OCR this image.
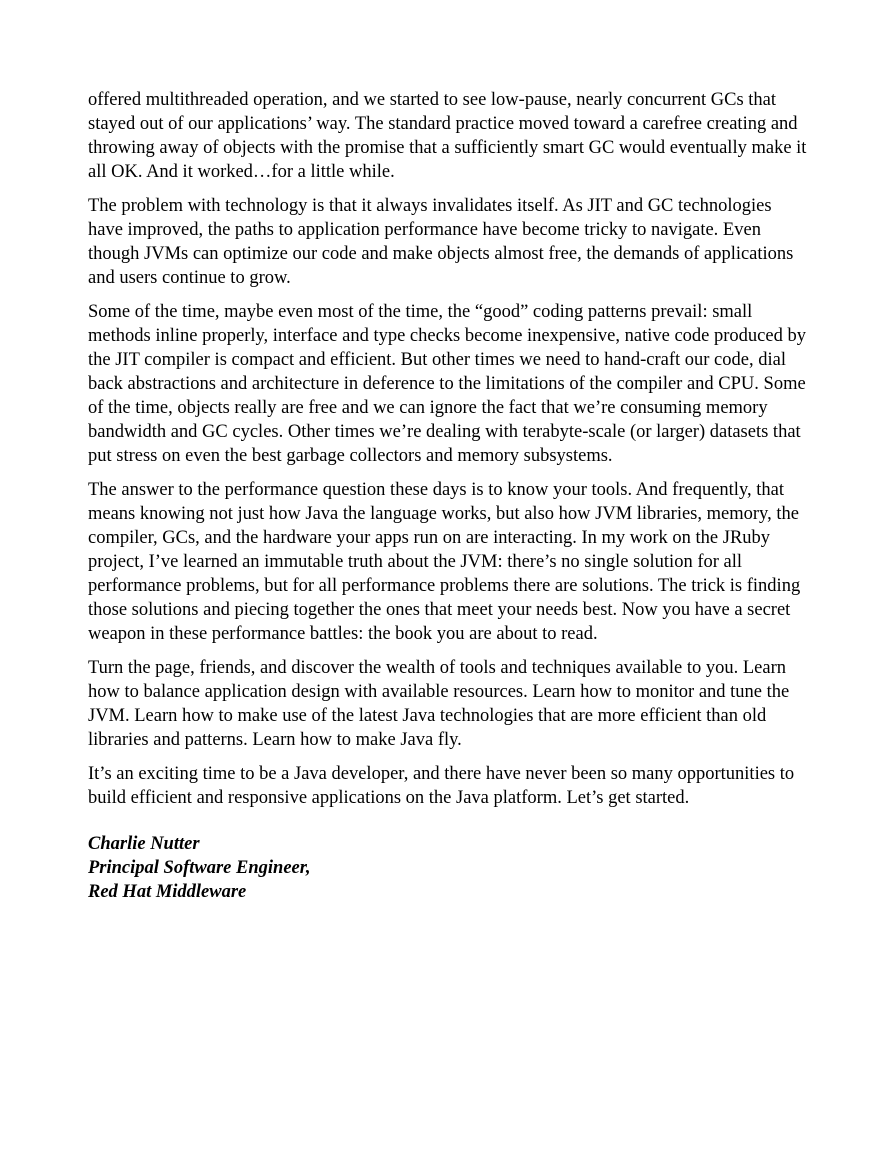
offered multithreaded operation, and we started to see low-pause, nearly concurrent GCs that stayed out of our applications’ way. The standard practice moved toward a carefree creating and throwing away of objects with the promise that a sufficiently smart GC would eventually make it all OK. And it worked…for a little while.

The problem with technology is that it always invalidates itself. As JIT and GC technologies have improved, the paths to application performance have become tricky to navigate. Even though JVMs can optimize our code and make objects almost free, the demands of applications and users continue to grow.

Some of the time, maybe even most of the time, the “good” coding patterns prevail: small methods inline properly, interface and type checks become inexpensive, native code produced by the JIT compiler is compact and efficient. But other times we need to hand-craft our code, dial back abstractions and architecture in deference to the limitations of the compiler and CPU. Some of the time, objects really are free and we can ignore the fact that we’re consuming memory bandwidth and GC cycles. Other times we’re dealing with terabyte-scale (or larger) datasets that put stress on even the best garbage collectors and memory subsystems.

The answer to the performance question these days is to know your tools. And frequently, that means knowing not just how Java the language works, but also how JVM libraries, memory, the compiler, GCs, and the hardware your apps run on are interacting. In my work on the JRuby project, I’ve learned an immutable truth about the JVM: there’s no single solution for all performance problems, but for all performance problems there are solutions. The trick is finding those solutions and piecing together the ones that meet your needs best. Now you have a secret weapon in these performance battles: the book you are about to read.

Turn the page, friends, and discover the wealth of tools and techniques available to you. Learn how to balance application design with available resources. Learn how to monitor and tune the JVM. Learn how to make use of the latest Java technologies that are more efficient than old libraries and patterns. Learn how to make Java fly.

It’s an exciting time to be a Java developer, and there have never been so many opportunities to build efficient and responsive applications on the Java platform. Let’s get started.

Charlie Nutter
Principal Software Engineer,
Red Hat Middleware
